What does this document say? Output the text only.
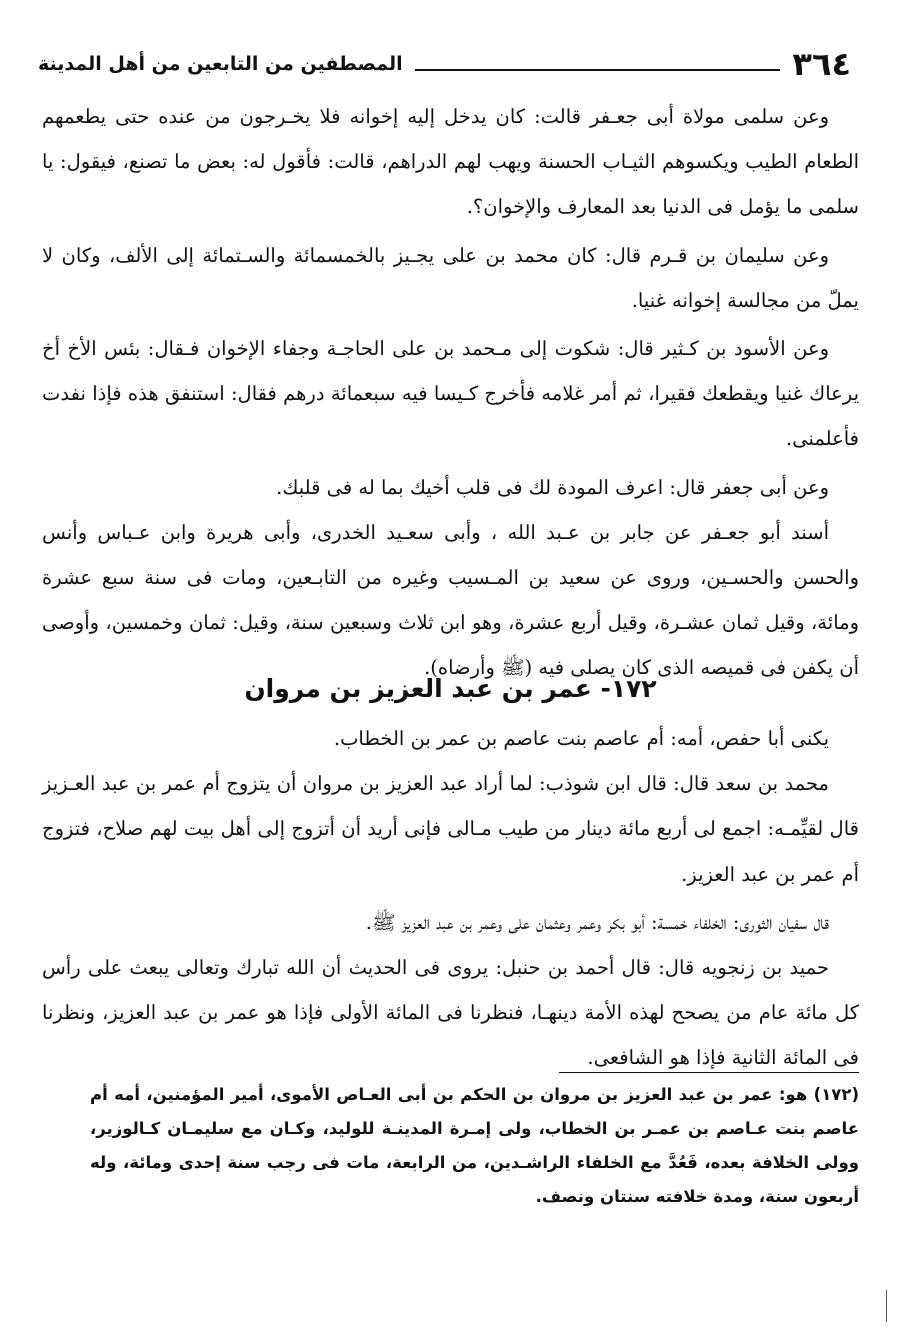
٣٦٤
المصطفين من التابعين من أهل المدينة

وعن سلمى مولاة أبى جعـفر قالت: كان يدخل إليه إخوانه فلا يخـرجون من عنده حتى يطعمهم الطعام الطيب ويكسوهم الثيـاب الحسنة ويهب لهم الدراهم، قالت: فأقول له: بعض ما تصنع، فيقول: يا سلمى ما يؤمل فى الدنيا بعد المعارف والإخوان؟.

وعن سليمان بن قـرم قال: كان محمد بن على يجـيز بالخمسمائة والسـتمائة إلى الألف، وكان لا يملّ من مجالسة إخوانه غنيا.

وعن الأسود بن كـثير قال: شكوت إلى مـحمد بن على الحاجـة وجفاء الإخوان فـقال: بئس الأخ أخ يرعاك غنيا ويقطعك فقيرا، ثم أمر غلامه فأخرج كـيسا فيه سبعمائة درهم فقال: استنفق هذه فإذا نفدت فأعلمنى.

وعن أبى جعفر قال: اعرف المودة لك فى قلب أخيك بما له فى قلبك.

أسند أبو جعـفر عن جابر بن عـبد الله ، وأبى سعـيد الخدرى، وأبى هريرة وابن عـباس وأنس والحسن والحسـين، وروى عن سعيد بن المـسيب وغيره من التابـعين، ومات فى سنة سبع عشرة ومائة، وقيل ثمان عشـرة، وقيل أربع عشرة، وهو ابن ثلاث وسبعين سنة، وقيل: ثمان وخمسين، وأوصى أن يكفن فى قميصه الذى كان يصلى فيه (ﷺ وأرضاه).

١٧٢- عمر بن عبد العزيز بن مروان

يكنى أبا حفص، أمه: أم عاصم بنت عاصم بن عمر بن الخطاب.

محمد بن سعد قال: قال ابن شوذب: لما أراد عبد العزيز بن مروان أن يتزوج أم عمر بن عبد العـزيز قال لقيِّمـه: اجمع لى أربع مائة دينار من طيب مـالى فإنى أريد أن أتزوج إلى أهل بيت لهم صلاح، فتزوج أم عمر بن عبد العزيز.

قال سفيان الثورى: الخلفاء خمسة: أبو بكر وعمر وعثمان على وعمر بن عبد العزيز ﷺ.

حميد بن زنجويه قال: قال أحمد بن حنبل: يروى فى الحديث أن الله تبارك وتعالى يبعث على رأس كل مائة عام من يصحح لهذه الأمة دينهـا، فنظرنا فى المائة الأولى فإذا هو عمر بن عبد العزيز، ونظرنا فى المائة الثانية فإذا هو الشافعى.

(١٧٢) هو: عمر بن عبد العزيز بن مروان بن الحكم بن أبى العـاص الأموى، أمير المؤمنين، أمه أم عاصم بنت عـاصم بن عمـر بن الخطاب، ولى إمـرة المدينـة للوليد، وكـان مع سليمـان كـالوزير، وولى الخلافة بعده، فَعُدَّ مع الخلفاء الراشـدين، من الرابعة، مات فى رجب سنة إحدى ومائة، وله أربعون سنة، ومدة خلافته سنتان ونصف.
